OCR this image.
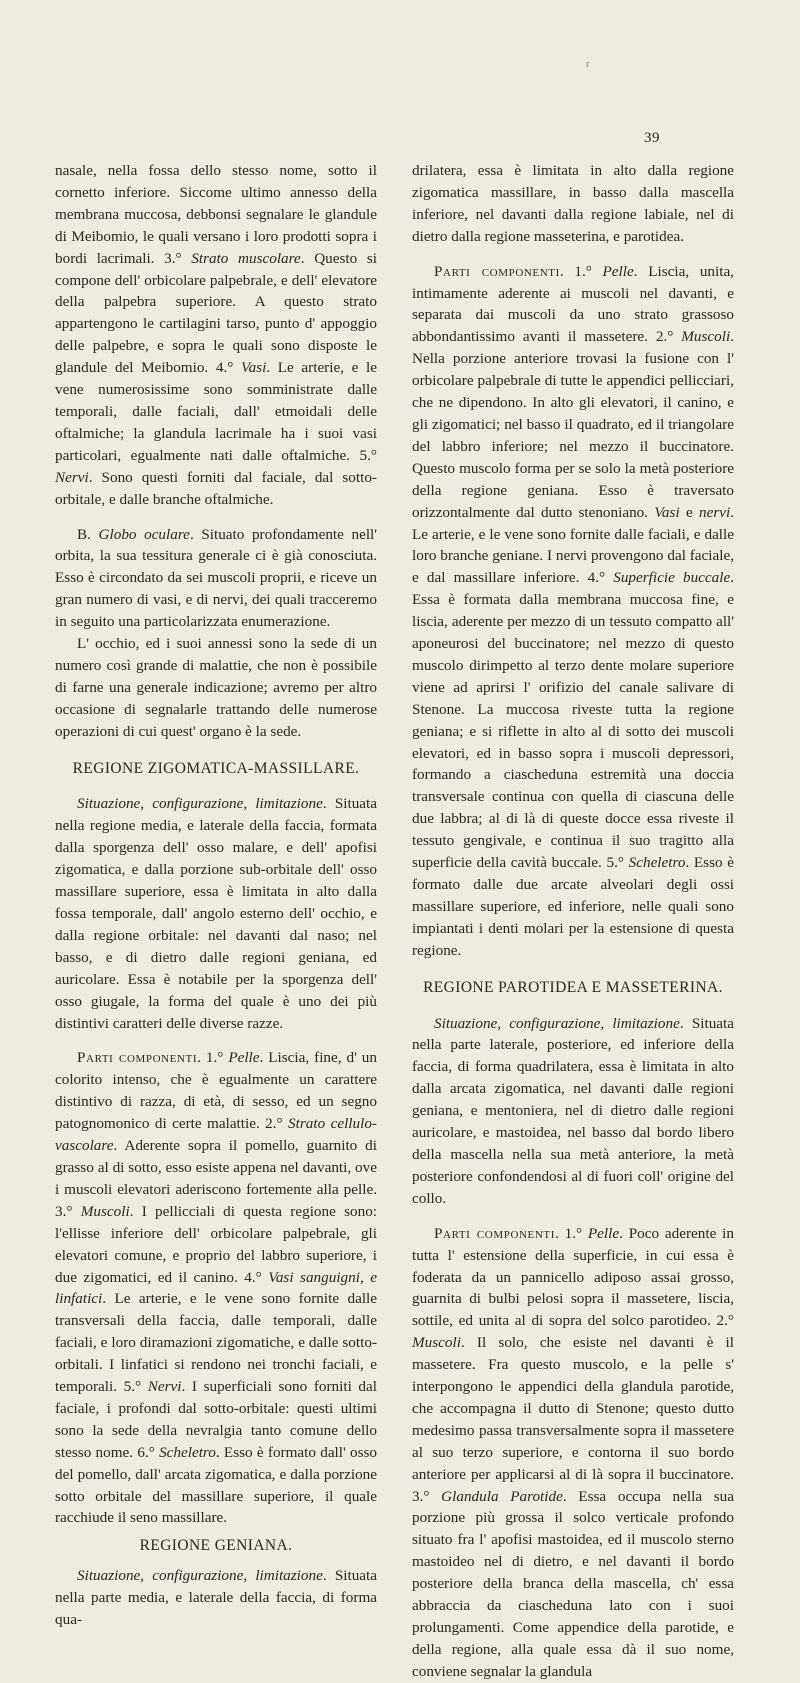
r
39

nasale, nella fossa dello stesso nome, sotto il cornetto inferiore. Siccome ultimo annesso della membrana muccosa, debbonsi segnalare le glandule di Meibomio, le quali versano i loro prodotti sopra i bordi lacrimali. 3.° Strato muscolare. Questo si compone dell' orbicolare palpebrale, e dell' elevatore della palpebra superiore. A questo strato appartengono le cartilagini tarso, punto d' appoggio delle palpebre, e sopra le quali sono disposte le glandule del Meibomio. 4.° Vasi. Le arterie, e le vene numerosissime sono somministrate dalle temporali, dalle faciali, dall' etmoidali delle oftalmiche; la glandula lacrimale ha i suoi vasi particolari, egualmente nati dalle oftalmiche. 5.° Nervi. Sono questi forniti dal faciale, dal sotto-orbitale, e dalle branche oftalmiche.

B. Globo oculare. Situato profondamente nell' orbita, la sua tessitura generale ci è già conosciuta. Esso è circondato da sei muscoli proprii, e riceve un gran numero di vasi, e di nervi, dei quali tracceremo in seguito una particolarizzata enumerazione.

L' occhio, ed i suoi annessi sono la sede di un numero così grande di malattie, che non è possibile di farne una generale indicazione; avremo per altro occasione di segnalarle trattando delle numerose operazioni di cui quest' organo è la sede.

REGIONE ZIGOMATICA-MASSILLARE.

Situazione, configurazione, limitazione. Situata nella regione media, e laterale della faccia, formata dalla sporgenza dell' osso malare, e dell' apofisi zigomatica, e dalla porzione sub-orbitale dell' osso massillare superiore, essa è limitata in alto dalla fossa temporale, dall' angolo esterno dell' occhio, e dalla regione orbitale: nel davanti dal naso; nel basso, e di dietro dalle regioni geniana, ed auricolare. Essa è notabile per la sporgenza dell' osso giugale, la forma del quale è uno dei più distintivi caratteri delle diverse razze.

Parti componenti. 1.° Pelle. Liscia, fine, d' un colorito intenso, che è egualmente un carattere distintivo di razza, di età, di sesso, ed un segno patognomonico di certe malattie. 2.° Strato cellulo-vascolare. Aderente sopra il pomello, guarnito di grasso al di sotto, esso esiste appena nel davanti, ove i muscoli elevatori aderiscono fortemente alla pelle. 3.° Muscoli. I pellicciali di questa regione sono: l'ellisse inferiore dell' orbicolare palpebrale, gli elevatori comune, e proprio del labbro superiore, i due zigomatici, ed il canino. 4.° Vasi sanguigni, e linfatici. Le arterie, e le vene sono fornite dalle transversali della faccia, dalle temporali, dalle faciali, e loro diramazioni zigomatiche, e dalle sotto-orbitali. I linfatici si rendono nei tronchi faciali, e temporali. 5.° Nervi. I superficiali sono forniti dal faciale, i profondi dal sotto-orbitale: questi ultimi sono la sede della nevralgia tanto comune dello stesso nome. 6.° Scheletro. Esso è formato dall' osso del pomello, dall' arcata zigomatica, e dalla porzione sotto orbitale del massillare superiore, il quale racchiude il seno massillare.

REGIONE GENIANA.

Situazione, configurazione, limitazione. Situata nella parte media, e laterale della faccia, di forma qua-

drilatera, essa è limitata in alto dalla regione zigomatica massillare, in basso dalla mascella inferiore, nel davanti dalla regione labiale, nel di dietro dalla regione masseterina, e parotidea.

Parti componenti. 1.° Pelle. Liscia, unita, intimamente aderente ai muscoli nel davanti, e separata dai muscoli da uno strato grassoso abbondantissimo avanti il massetere. 2.° Muscoli. Nella porzione anteriore trovasi la fusione con l' orbicolare palpebrale di tutte le appendici pellicciari, che ne dipendono. In alto gli elevatori, il canino, e gli zigomatici; nel basso il quadrato, ed il triangolare del labbro inferiore; nel mezzo il buccinatore. Questo muscolo forma per se solo la metà posteriore della regione geniana. Esso è traversato orizzontalmente dal dutto stenoniano. Vasi e nervi. Le arterie, e le vene sono fornite dalle faciali, e dalle loro branche geniane. I nervi provengono dal faciale, e dal massillare inferiore. 4.° Superficie buccale. Essa è formata dalla membrana muccosa fine, e liscia, aderente per mezzo di un tessuto compatto all' aponeurosi del buccinatore; nel mezzo di questo muscolo dirimpetto al terzo dente molare superiore viene ad aprirsi l' orifizio del canale salivare di Stenone. La muccosa riveste tutta la regione geniana; e si riflette in alto al di sotto dei muscoli elevatori, ed in basso sopra i muscoli depressori, formando a ciascheduna estremità una doccia transversale continua con quella di ciascuna delle due labbra; al di là di queste docce essa riveste il tessuto gengivale, e continua il suo tragitto alla superficie della cavità buccale. 5.° Scheletro. Esso è formato dalle due arcate alveolari degli ossi massillare superiore, ed inferiore, nelle quali sono impiantati i denti molari per la estensione di questa regione.

REGIONE PAROTIDEA E MASSETERINA.

Situazione, configurazione, limitazione. Situata nella parte laterale, posteriore, ed inferiore della faccia, di forma quadrilatera, essa è limitata in alto dalla arcata zigomatica, nel davanti dalle regioni geniana, e mentoniera, nel di dietro dalle regioni auricolare, e mastoidea, nel basso dal bordo libero della mascella nella sua metà anteriore, la metà posteriore confondendosi al di fuori coll' origine del collo.

Parti componenti. 1.° Pelle. Poco aderente in tutta l' estensione della superficie, in cui essa è foderata da un pannicello adiposo assai grosso, guarnita di bulbi pelosi sopra il massetere, liscia, sottile, ed unita al di sopra del solco parotideo. 2.° Muscoli. Il solo, che esiste nel davanti è il massetere. Fra questo muscolo, e la pelle s' interpongono le appendici della glandula parotide, che accompagna il dutto di Stenone; questo dutto medesimo passa transversalmente sopra il massetere al suo terzo superiore, e contorna il suo bordo anteriore per applicarsi al di là sopra il buccinatore. 3.° Glandula Parotide. Essa occupa nella sua porzione più grossa il solco verticale profondo situato fra l' apofisi mastoidea, ed il muscolo sterno mastoideo nel di dietro, e nel davanti il bordo posteriore della branca della mascella, ch' essa abbraccia da ciascheduna lato con i suoi prolungamenti. Come appendice della parotide, e della regione, alla quale essa dà il suo nome, conviene segnalar la glandula
